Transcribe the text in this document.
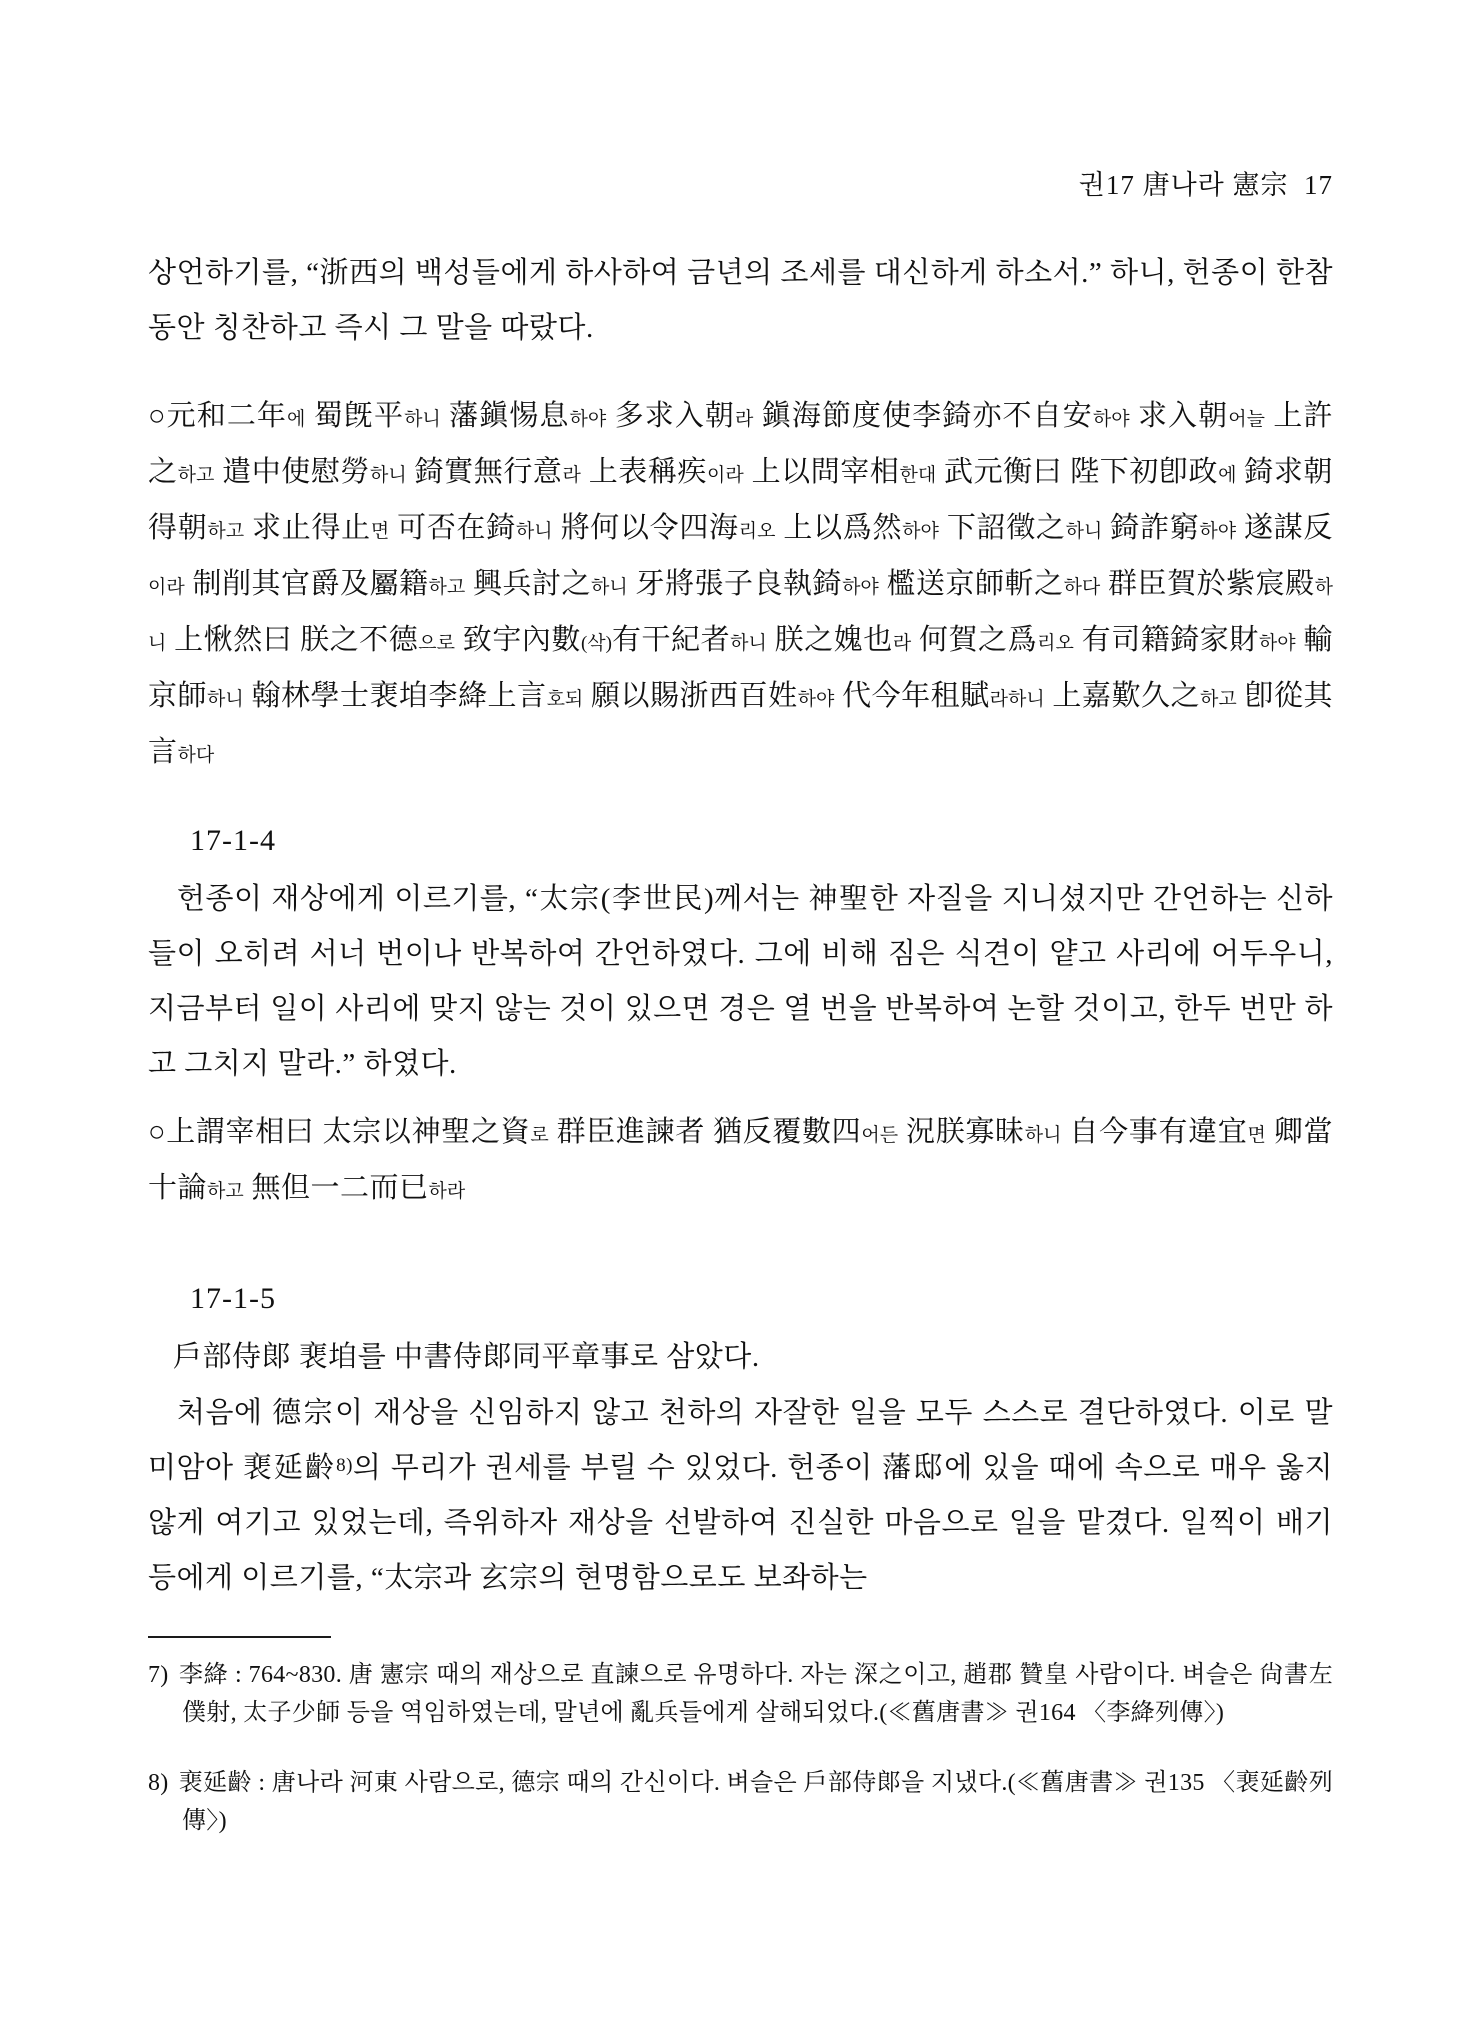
권17 唐나라 憲宗  17

상언하기를, “浙西의 백성들에게 하사하여 금년의 조세를 대신하게 하소서.” 하니, 헌종이 한참 동안 칭찬하고 즉시 그 말을 따랐다.

○元和二年에 蜀旣平하니 藩鎭惕息하야 多求入朝라 鎭海節度使李錡亦不自安하야 求入朝어늘 上許之하고 遣中使慰勞하니 錡實無行意라 上表稱疾이라 上以問宰相한대 武元衡曰 陛下初卽政에 錡求朝得朝하고 求止得止면 可否在錡하니 將何以令四海리오 上以爲然하야 下詔徵之하니 錡詐窮하야 遂謀反이라 制削其官爵及屬籍하고 興兵討之하니 牙將張子良執錡하야 檻送京師斬之하다 群臣賀於紫宸殿하니 上愀然曰 朕之不德으로 致宇內數(삭)有干紀者하니 朕之媿也라 何賀之爲리오 有司籍錡家財하야 輸京師하니 翰林學士裵垍李絳上言호되 願以賜浙西百姓하야 代今年租賦라하니 上嘉歎久之하고 卽從其言하다
17-1-4

헌종이 재상에게 이르기를, “太宗(李世民)께서는 神聖한 자질을 지니셨지만 간언하는 신하들이 오히려 서너 번이나 반복하여 간언하였다. 그에 비해 짐은 식견이 얕고 사리에 어두우니, 지금부터 일이 사리에 맞지 않는 것이 있으면 경은 열 번을 반복하여 논할 것이고, 한두 번만 하고 그치지 말라.” 하였다.

○上謂宰相曰 太宗以神聖之資로 群臣進諫者 猶反覆數四어든 況朕寡昧하니 自今事有違宜면 卿當十論하고 無但一二而已하라
17-1-5

戶部侍郞 裵垍를 中書侍郞同平章事로 삼았다.

처음에 德宗이 재상을 신임하지 않고 천하의 자잘한 일을 모두 스스로 결단하였다. 이로 말미암아 裵延齡$^{8)}$의 무리가 권세를 부릴 수 있었다. 헌종이 藩邸에 있을 때에 속으로 매우 옳지 않게 여기고 있었는데, 즉위하자 재상을 선발하여 진실한 마음으로 일을 맡겼다. 일찍이 배기 등에게 이르기를, “太宗과 玄宗의 현명함으로도 보좌하는

7) 李絳 : 764~830. 唐 憲宗 때의 재상으로 直諫으로 유명하다. 자는 深之이고, 趙郡 贊皇 사람이다. 벼슬은 尙書左僕射, 太子少師 등을 역임하였는데, 말년에 亂兵들에게 살해되었다.(≪舊唐書≫ 권164 〈李絳列傳〉)
8) 裵延齡 : 唐나라 河東 사람으로, 德宗 때의 간신이다. 벼슬은 戶部侍郞을 지냈다.(≪舊唐書≫ 권135 〈裵延齡列傳〉)
